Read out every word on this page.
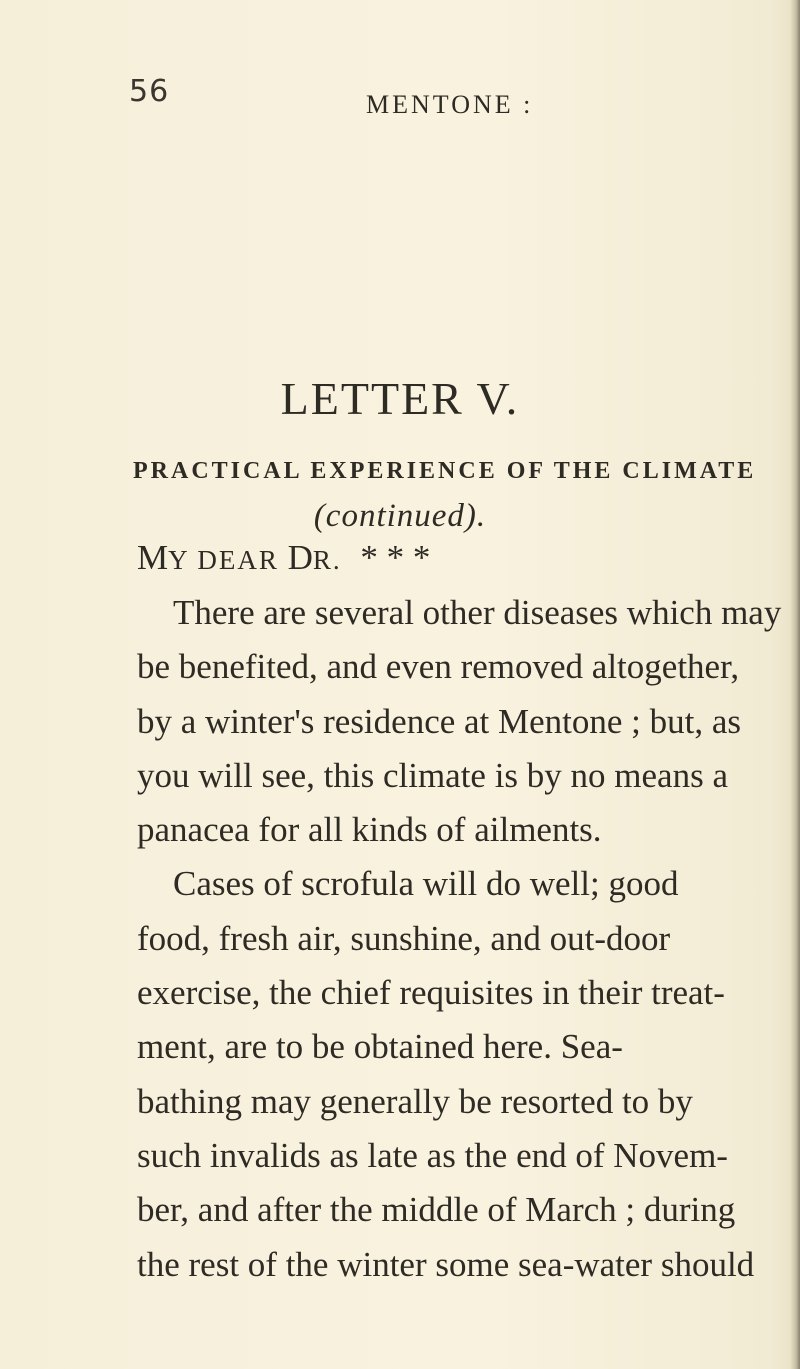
56	MENTONE :
LETTER V.
PRACTICAL EXPERIENCE OF THE CLIMATE
(continued).
MY DEAR DR. * * *
There are several other diseases which may
be benefited, and even removed altogether,
by a winter's residence at Mentone ; but, as
you will see, this climate is by no means a
panacea for all kinds of ailments.
Cases of scrofula will do well; good
food, fresh air, sunshine, and out-door
exercise, the chief requisites in their treat-
ment, are to be obtained here. Sea-
bathing may generally be resorted to by
such invalids as late as the end of Novem-
ber, and after the middle of March ; during
the rest of the winter some sea-water should
